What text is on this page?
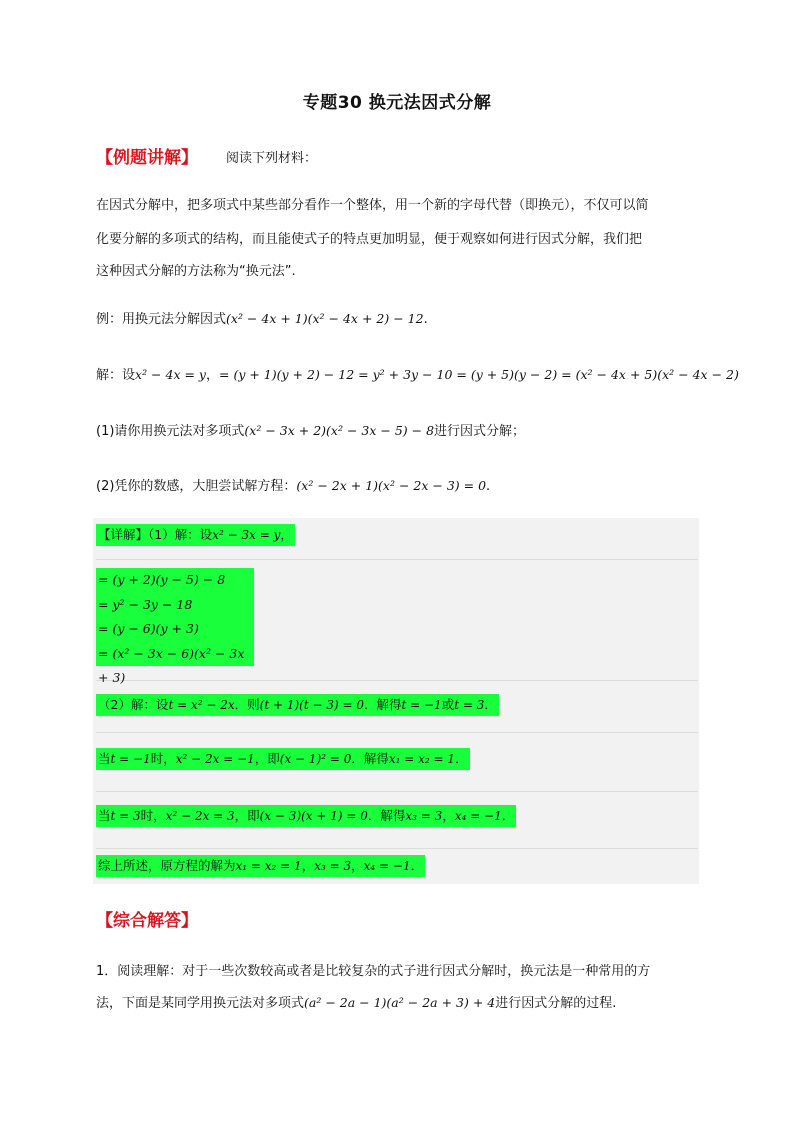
专题30 换元法因式分解
【例题讲解】 阅读下列材料：
在因式分解中，把多项式中某些部分看作一个整体，用一个新的字母代替（即换元），不仅可以简
化要分解的多项式的结构，而且能使式子的特点更加明显，便于观察如何进行因式分解，我们把
这种因式分解的方法称为“换元法”.
例：用换元法分解因式(x² − 4x + 1)(x² − 4x + 2) − 12.
解：设x² − 4x = y，= (y + 1)(y + 2) − 12 = y² + 3y − 10 = (y + 5)(y − 2) = (x² − 4x + 5)(x² − 4x − 2)
(1)请你用换元法对多项式(x² − 3x + 2)(x² − 3x − 5) − 8进行因式分解；
(2)凭你的数感，大胆尝试解方程：(x² − 2x + 1)(x² − 2x − 3) = 0.
【详解】（1）解：设x² − 3x = y，
= (y + 2)(y − 5) − 8
= y² − 3y − 18
= (y − 6)(y + 3)
= (x² − 3x − 6)(x² − 3x + 3)
（2）解：设t = x² − 2x．则(t + 1)(t − 3) = 0．解得t = −1或t = 3．
当t = −1时，x² − 2x = −1，即(x − 1)² = 0．解得x₁ = x₂ = 1．
当t = 3时，x² − 2x = 3，即(x − 3)(x + 1) = 0．解得x₃ = 3，x₄ = −1．
综上所述，原方程的解为x₁ = x₂ = 1，x₃ = 3，x₄ = −1．
【综合解答】
1．阅读理解：对于一些次数较高或者是比较复杂的式子进行因式分解时，换元法是一种常用的方
法，下面是某同学用换元法对多项式(a² − 2a − 1)(a² − 2a + 3) + 4进行因式分解的过程.
